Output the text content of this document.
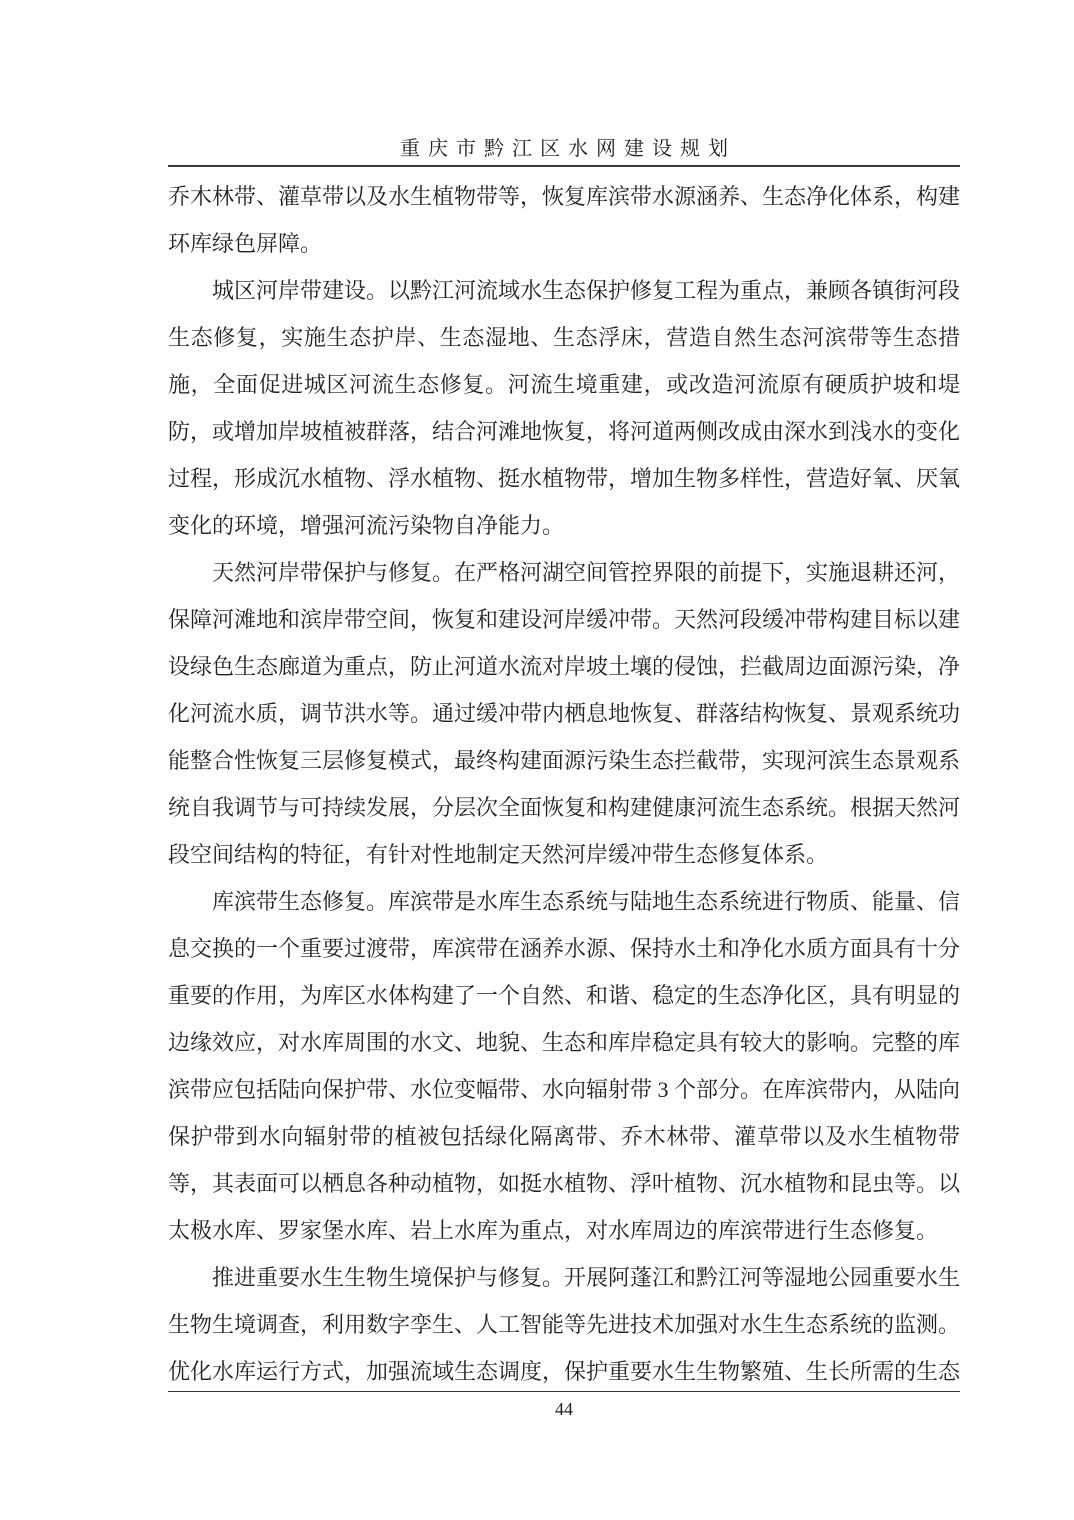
重庆市黔江区水网建设规划

乔木林带、灌草带以及水生植物带等，恢复库滨带水源涵养、生态净化体系，构建环库绿色屏障。

城区河岸带建设。以黔江河流域水生态保护修复工程为重点，兼顾各镇街河段生态修复，实施生态护岸、生态湿地、生态浮床，营造自然生态河滨带等生态措施，全面促进城区河流生态修复。河流生境重建，或改造河流原有硬质护坡和堤防，或增加岸坡植被群落，结合河滩地恢复，将河道两侧改成由深水到浅水的变化过程，形成沉水植物、浮水植物、挺水植物带，增加生物多样性，营造好氧、厌氧变化的环境，增强河流污染物自净能力。

天然河岸带保护与修复。在严格河湖空间管控界限的前提下，实施退耕还河，保障河滩地和滨岸带空间，恢复和建设河岸缓冲带。天然河段缓冲带构建目标以建设绿色生态廊道为重点，防止河道水流对岸坡土壤的侵蚀，拦截周边面源污染，净化河流水质，调节洪水等。通过缓冲带内栖息地恢复、群落结构恢复、景观系统功能整合性恢复三层修复模式，最终构建面源污染生态拦截带，实现河滨生态景观系统自我调节与可持续发展，分层次全面恢复和构建健康河流生态系统。根据天然河段空间结构的特征，有针对性地制定天然河岸缓冲带生态修复体系。

库滨带生态修复。库滨带是水库生态系统与陆地生态系统进行物质、能量、信息交换的一个重要过渡带，库滨带在涵养水源、保持水土和净化水质方面具有十分重要的作用，为库区水体构建了一个自然、和谐、稳定的生态净化区，具有明显的边缘效应，对水库周围的水文、地貌、生态和库岸稳定具有较大的影响。完整的库滨带应包括陆向保护带、水位变幅带、水向辐射带 3 个部分。在库滨带内，从陆向保护带到水向辐射带的植被包括绿化隔离带、乔木林带、灌草带以及水生植物带等，其表面可以栖息各种动植物，如挺水植物、浮叶植物、沉水植物和昆虫等。以太极水库、罗家堡水库、岩上水库为重点，对水库周边的库滨带进行生态修复。

推进重要水生生物生境保护与修复。开展阿蓬江和黔江河等湿地公园重要水生生物生境调查，利用数字孪生、人工智能等先进技术加强对水生生态系统的监测。优化水库运行方式，加强流域生态调度，保护重要水生生物繁殖、生长所需的生态

44
